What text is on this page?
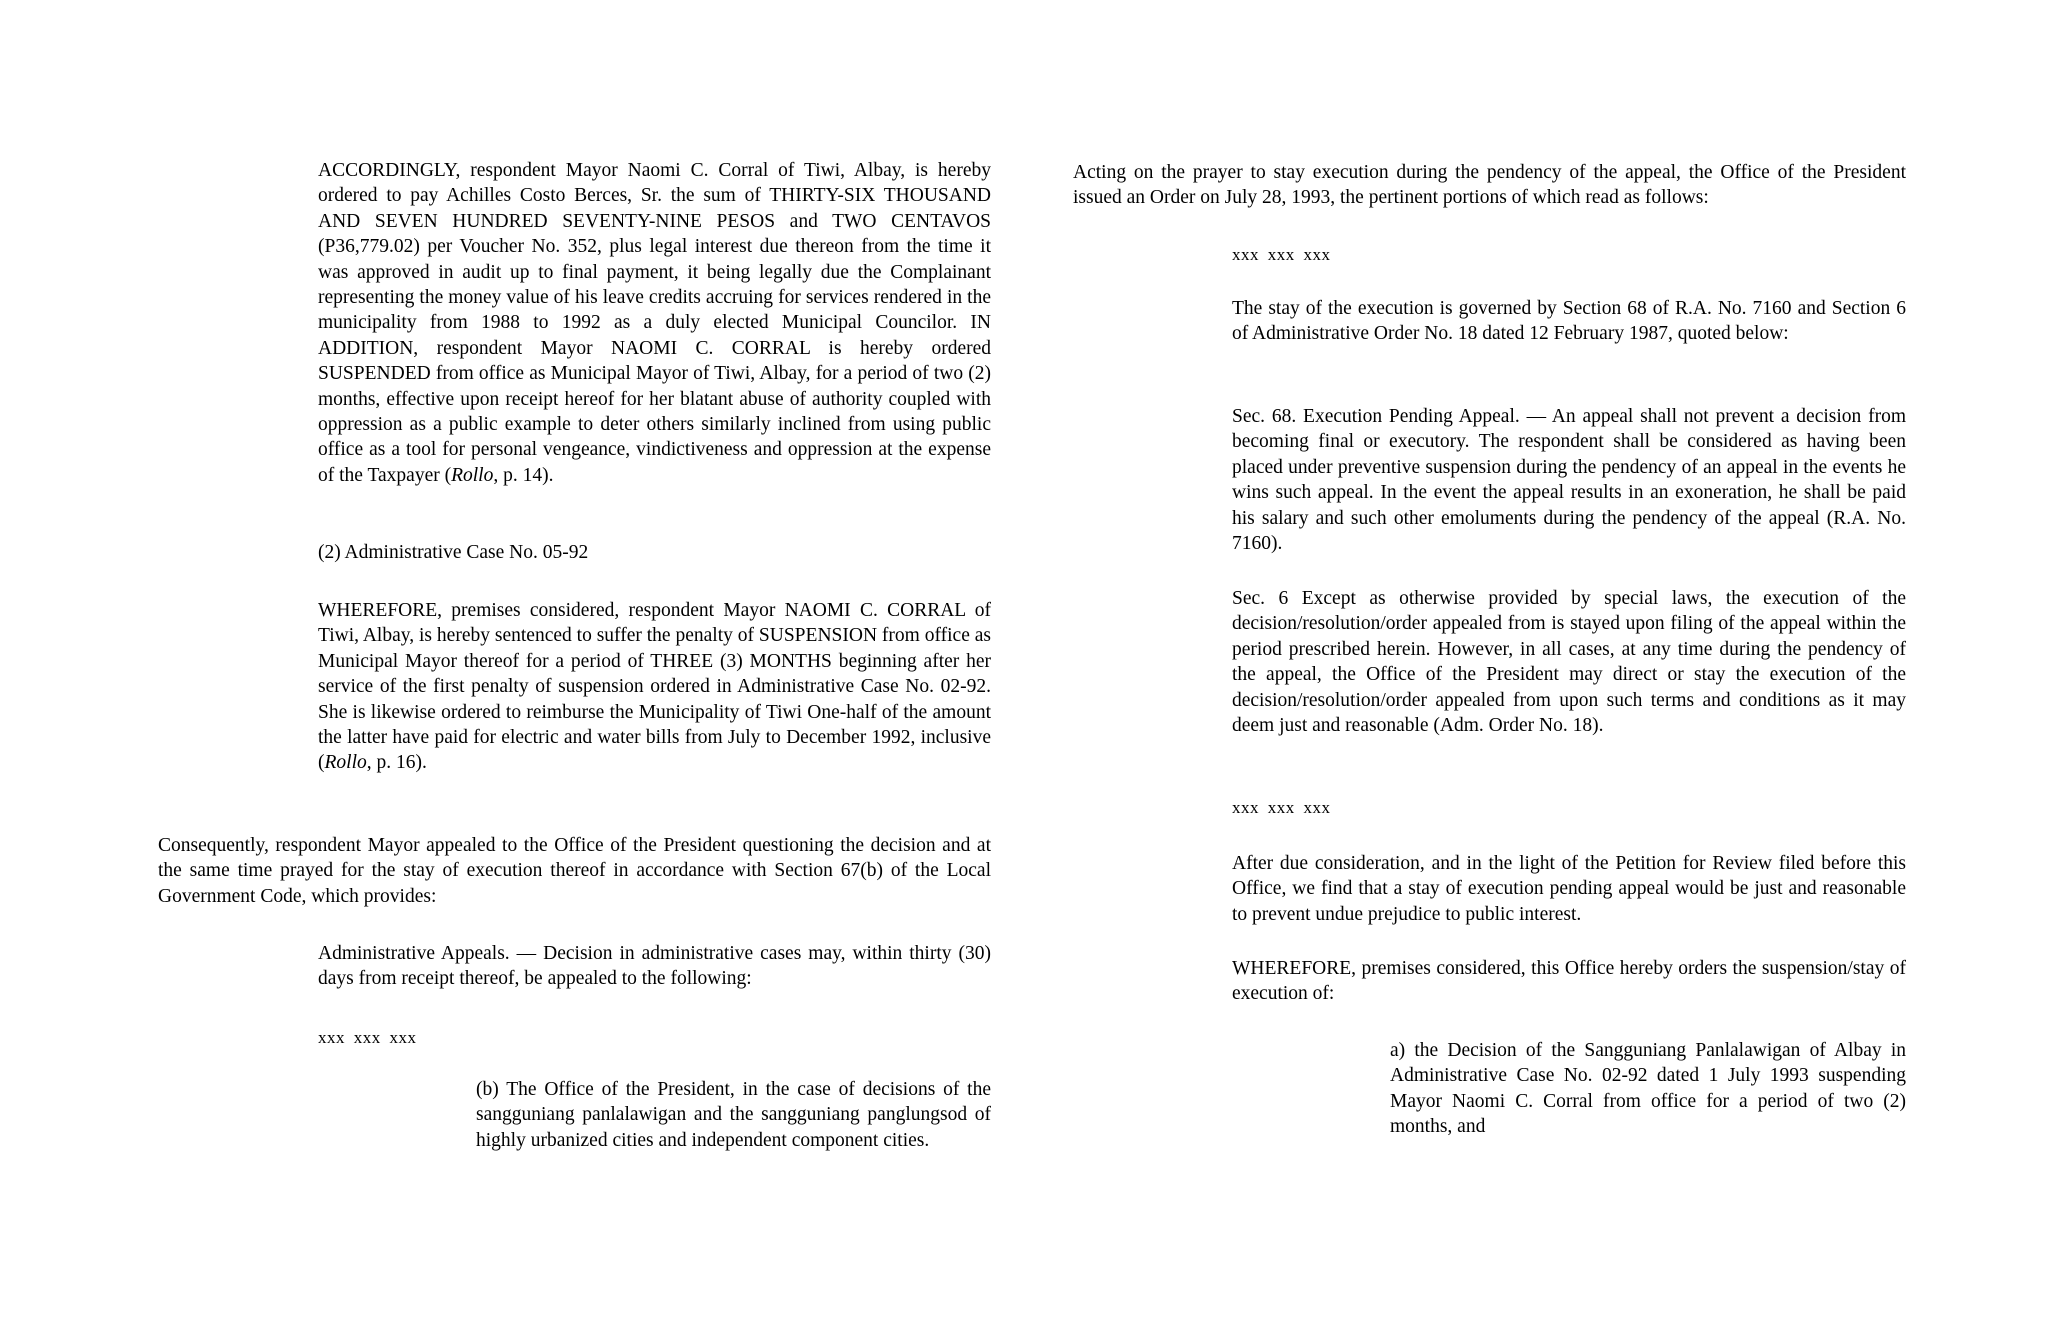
ACCORDINGLY, respondent Mayor Naomi C. Corral of Tiwi, Albay, is hereby ordered to pay Achilles Costo Berces, Sr. the sum of THIRTY-SIX THOUSAND AND SEVEN HUNDRED SEVENTY-NINE PESOS and TWO CENTAVOS (P36,779.02) per Voucher No. 352, plus legal interest due thereon from the time it was approved in audit up to final payment, it being legally due the Complainant representing the money value of his leave credits accruing for services rendered in the municipality from 1988 to 1992 as a duly elected Municipal Councilor. IN ADDITION, respondent Mayor NAOMI C. CORRAL is hereby ordered SUSPENDED from office as Municipal Mayor of Tiwi, Albay, for a period of two (2) months, effective upon receipt hereof for her blatant abuse of authority coupled with oppression as a public example to deter others similarly inclined from using public office as a tool for personal vengeance, vindictiveness and oppression at the expense of the Taxpayer (Rollo, p. 14).

(2) Administrative Case No. 05-92

WHEREFORE, premises considered, respondent Mayor NAOMI C. CORRAL of Tiwi, Albay, is hereby sentenced to suffer the penalty of SUSPENSION from office as Municipal Mayor thereof for a period of THREE (3) MONTHS beginning after her service of the first penalty of suspension ordered in Administrative Case No. 02-92. She is likewise ordered to reimburse the Municipality of Tiwi One-half of the amount the latter have paid for electric and water bills from July to December 1992, inclusive (Rollo, p. 16).

Consequently, respondent Mayor appealed to the Office of the President questioning the decision and at the same time prayed for the stay of execution thereof in accordance with Section 67(b) of the Local Government Code, which provides:

Administrative Appeals. — Decision in administrative cases may, within thirty (30) days from receipt thereof, be appealed to the following:

xxx xxx xxx

(b) The Office of the President, in the case of decisions of the sangguniang panlalawigan and the sangguniang panglungsod of highly urbanized cities and independent component cities.

Acting on the prayer to stay execution during the pendency of the appeal, the Office of the President issued an Order on July 28, 1993, the pertinent portions of which read as follows:

xxx xxx xxx

The stay of the execution is governed by Section 68 of R.A. No. 7160 and Section 6 of Administrative Order No. 18 dated 12 February 1987, quoted below:

Sec. 68. Execution Pending Appeal. — An appeal shall not prevent a decision from becoming final or executory. The respondent shall be considered as having been placed under preventive suspension during the pendency of an appeal in the events he wins such appeal. In the event the appeal results in an exoneration, he shall be paid his salary and such other emoluments during the pendency of the appeal (R.A. No. 7160).

Sec. 6 Except as otherwise provided by special laws, the execution of the decision/resolution/order appealed from is stayed upon filing of the appeal within the period prescribed herein. However, in all cases, at any time during the pendency of the appeal, the Office of the President may direct or stay the execution of the decision/resolution/order appealed from upon such terms and conditions as it may deem just and reasonable (Adm. Order No. 18).

xxx xxx xxx

After due consideration, and in the light of the Petition for Review filed before this Office, we find that a stay of execution pending appeal would be just and reasonable to prevent undue prejudice to public interest.

WHEREFORE, premises considered, this Office hereby orders the suspension/stay of execution of:

a) the Decision of the Sangguniang Panlalawigan of Albay in Administrative Case No. 02-92 dated 1 July 1993 suspending Mayor Naomi C. Corral from office for a period of two (2) months, and
